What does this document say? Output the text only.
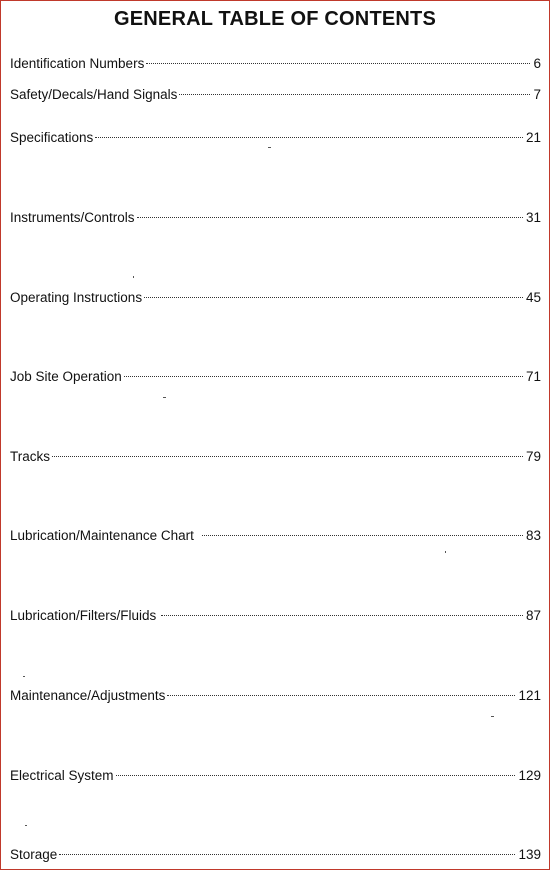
GENERAL TABLE OF CONTENTS
Identification Numbers	6
Safety/Decals/Hand Signals	7
Specifications	21
Instruments/Controls	31
Operating Instructions	45
Job Site Operation	71
Tracks	79
Lubrication/Maintenance Chart	83
Lubrication/Filters/Fluids	87
Maintenance/Adjustments	121
Electrical System	129
Storage	139
